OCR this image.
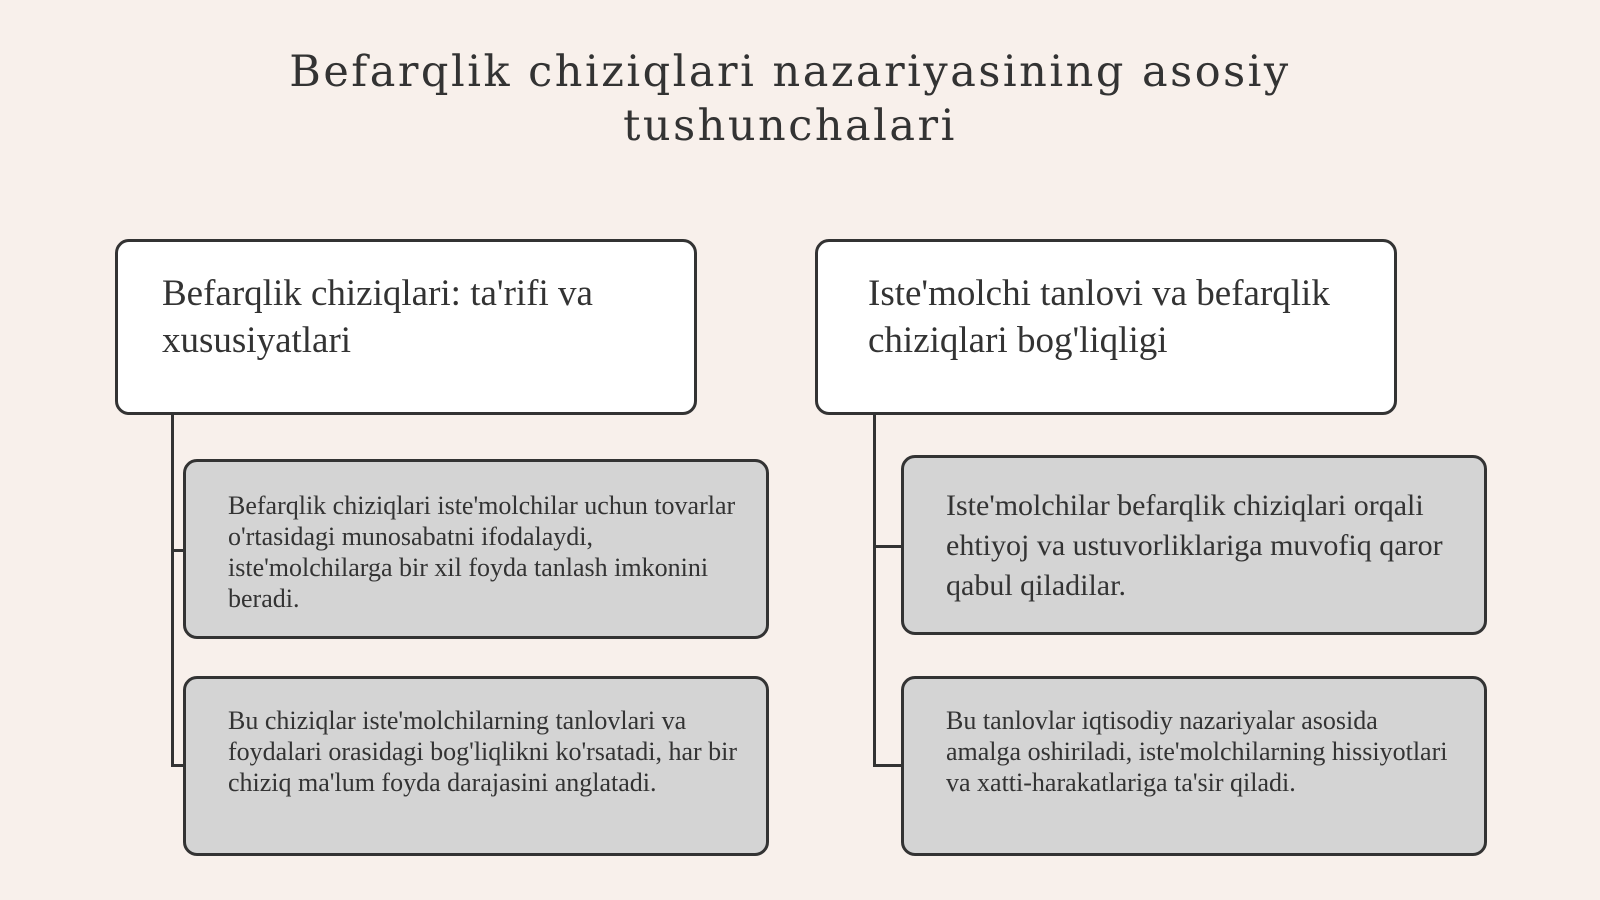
Befarqlik chiziqlari nazariyasining asosiy tushunchalari
Befarqlik chiziqlari: ta'rifi va xususiyatlari
Befarqlik chiziqlari iste'molchilar uchun tovarlar o'rtasidagi munosabatni ifodalaydi, iste'molchilarga bir xil foyda tanlash imkonini beradi.
Bu chiziqlar iste'molchilarning tanlovlari va foydalari orasidagi bog'liqlikni ko'rsatadi, har bir chiziq ma'lum foyda darajasini anglatadi.
Iste'molchi tanlovi va befarqlik chiziqlari bog'liqligi
Iste'molchilar befarqlik chiziqlari orqali ehtiyoj va ustuvorliklariga muvofiq qaror qabul qiladilar.
Bu tanlovlar iqtisodiy nazariyalar asosida amalga oshiriladi, iste'molchilarning hissiyotlari va xatti-harakatlariga ta'sir qiladi.
